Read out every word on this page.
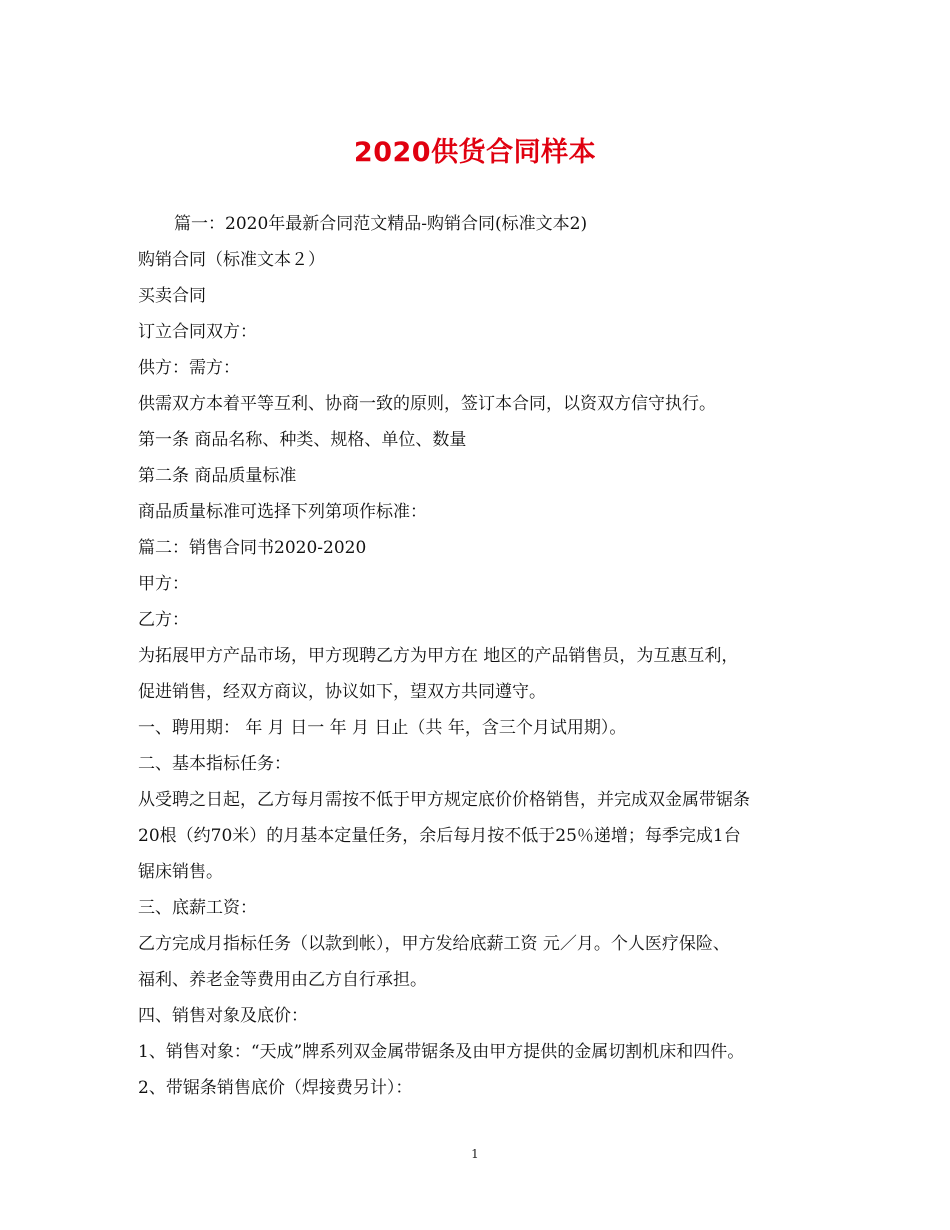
2020供货合同样本
篇一：2020年最新合同范文精品-购销合同(标准文本2)
购销合同（标准文本２）
买卖合同
订立合同双方：
供方：需方：
供需双方本着平等互利、协商一致的原则，签订本合同，以资双方信守执行。
第一条 商品名称、种类、规格、单位、数量
第二条 商品质量标准
商品质量标准可选择下列第项作标准：
篇二：销售合同书2020-2020
甲方：
乙方：
为拓展甲方产品市场，甲方现聘乙方为甲方在 地区的产品销售员，为互惠互利，
促进销售，经双方商议，协议如下，望双方共同遵守。
一、聘用期： 年 月 日一 年 月 日止（共 年，含三个月试用期）。
二、基本指标任务：
从受聘之日起，乙方每月需按不低于甲方规定底价价格销售，并完成双金属带锯条
20根（约70米）的月基本定量任务，余后每月按不低于25％递增；每季完成1台
锯床销售。
三、底薪工资：
乙方完成月指标任务（以款到帐），甲方发给底薪工资 元／月。个人医疗保险、
福利、养老金等费用由乙方自行承担。
四、销售对象及底价：
1、销售对象：“天成”牌系列双金属带锯条及由甲方提供的金属切割机床和四件。
2、带锯条销售底价（焊接费另计）：
1
